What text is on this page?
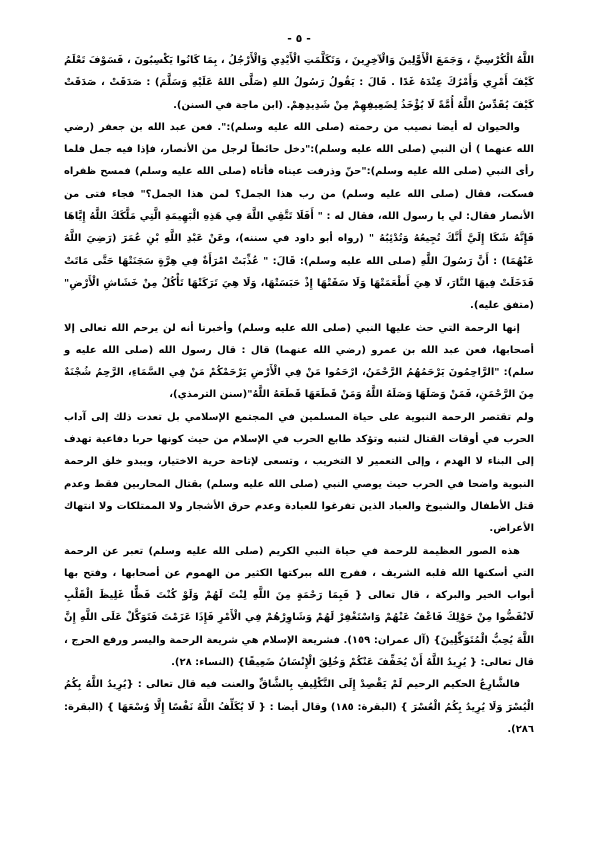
- ٥ -

اللَّهُ الْكُرْسِيَّ ، وَجَمَعَ الْأَوَّلِينَ وَالْآخِرِينَ ، وَتَكَلَّمَتِ الْأَيْدِي وَالْأَرْجُلُ ، بِمَا كَانُوا يَكْسِبُونَ ، فَسَوْفَ تَعْلَمُ كَيْفَ أَمْرِي وَأَمْرُكَ عِنْدَهُ غَدًا . قَالَ : يَقُولُ رَسُولُ اللهِ (صَلَّى اللهُ عَلَيْهِ وَسَلَّمَ) : صَدَقَتْ ، صَدَقَتْ كَيْفَ يُقَدِّسُ اللَّهُ أُمَّةً لَا يُؤْخَذُ لِضَعِيفِهِمْ مِنْ شَدِيدِهِمْ. (ابن ماجة في السنن).

والحيوان له أيضا نصيب من رحمته (صلى الله عليه وسلم):". فعن عبد الله بن جعفر (رضي الله عنهما ) أن النبي (صلى الله عليه وسلم):"دخل حائطاً لرجل من الأنصار، فإذا فيه جمل فلما رأى النبي (صلى الله عليه وسلم):"حنّ وذرفت عيناه فأتاه (صلى الله عليه وسلم) فمسح ظفراه فسكت، فقال (صلى الله عليه وسلم) من رب هذا الجمل؟ لمن هذا الجمل؟" فجاء فتى من الأنصار فقال: لي يا رسول الله، فقال له : " أَفَلَا تَتَّقِي اللَّهَ فِي هَذِهِ الْبَهِيمَةِ الَّتِي مَلَّكَكَ اللَّهُ إِيَّاهَا فَإِنَّهُ شَكَا إِلَيَّ أَنَّكَ تُجِيعُهُ وَتُدْئِبُهُ " (رواه أبو داود في سننه)، وعَنْ عَبْدِ اللَّهِ بْنِ عُمَرَ (رَضِيَ اللَّهُ عَنْهُمَا) : أَنَّ رَسُولَ اللَّهِ (صلى الله عليه وسلم): قَالَ: " عُذِّبَتْ امْرَأَةٌ فِي هِرَّةٍ سَجَنَتْهَا حَتَّى مَاتَتْ فَدَخَلَتْ فِيهَا النَّارَ، لَا هِيَ أَطْعَمَتْهَا وَلَا سَقَتْهَا إِذْ حَبَسَتْهَا، وَلَا هِيَ تَرَكَتْهَا تَأْكُلُ مِنْ خَشَاشِ الْأَرْضِ"(متفق عليه).

إنها الرحمة التي حث عليها النبي (صلى الله عليه وسلم) وأخبرنا أنه لن يرحم الله تعالى إلا أصحابها، فعن عبد الله بن عمرو (رضي الله عنهما) قال : قال رسول الله (صلى الله عليه و سلم): "الرَّاحِمُونَ يَرْحَمُهُمُ الرَّحْمَنُ، ارْحَمُوا مَنْ فِي الْأَرْضِ يَرْحَمْكُمْ مَنْ فِي السَّمَاءِ، الرَّحِمُ شُجْنَةٌ مِنَ الرَّحْمَنِ، فَمَنْ وَصَلَهَا وَصَلَهُ اللَّهُ وَمَنْ قَطَعَهَا قَطَعَهُ اللَّهُ"(سنن الترمذي)،

ولم تقتصر الرحمة النبوية على حياة المسلمين في المجتمع الإسلامي بل تعدت ذلك إلى آداب الحرب في أوقات القتال لتنبه وتؤكد طابع الحرب في الإسلام من حيث كونها حربا دفاعية تهدف إلى البناء لا الهدم ، وإلى التعمير لا التخريب ، وتسعى لإتاحة حرية الاختيار، ويبدو خلق الرحمة النبوية واضحا في الحرب حيث يوصي النبي (صلى الله عليه وسلم) بقتال المحاربين فقط وعدم قتل الأطفال والشيوخ والعباد الذين تفرغوا للعبادة وعدم حرق الأشجار ولا الممتلكات ولا انتهاك الأعراض.

هذه الصور العظيمة للرحمة في حياة النبي الكريم (صلى الله عليه وسلم) تعبر عن الرحمة التي أسكنها الله قلبه الشريف ، ففرج الله ببركتها الكثير من الهموم عن أصحابها ، وفتح بها أبواب الخير والبركة ، قال تعالى { فَبِمَا رَحْمَةٍ مِنَ اللَّهِ لِنْتَ لَهُمْ وَلَوْ كُنْتَ فَظًّا غَلِيظَ الْقَلْبِ لَانْفَضُّوا مِنْ حَوْلِكَ فَاعْفُ عَنْهُمْ وَاسْتَغْفِرْ لَهُمْ وَشَاوِرْهُمْ فِي الْأَمْرِ فَإِذَا عَزَمْتَ فَتَوَكَّلْ عَلَى اللَّهِ إِنَّ اللَّهَ يُحِبُّ الْمُتَوَكِّلِينَ} (آل عمران: ١٥٩). فشريعة الإسلام هي شريعة الرحمة واليسر ورفع الحرج ، قال تعالى: { يُرِيدُ اللَّهُ أَنْ يُخَفِّفَ عَنْكُمْ وَخُلِقَ الْإِنْسَانُ ضَعِيفًا} (النساء: ٢٨).

فالشَّارِعُ الحكيم الرحيم لَمْ يَقْصِدْ إِلَى التَّكْلِيفِ بِالشَّاقِّ والعنت فيه قال تعالى : {يُرِيدُ اللَّهُ بِكُمُ الْيُسْرَ وَلَا يُرِيدُ بِكُمُ الْعُسْرَ } (البقرة: ١٨٥) وقال أيضا : { لَا يُكَلِّفُ اللَّهُ نَفْسًا إِلَّا وُسْعَهَا } (البقرة: ٢٨٦).
